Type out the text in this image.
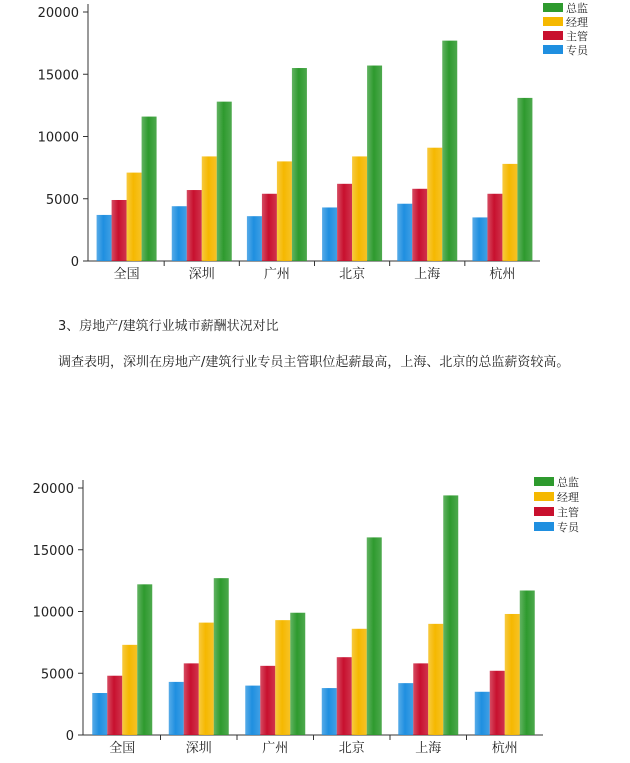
0
5000
10000
15000
20000
全国	深圳	广州	北京	上海	杭州
总监
经理
主管
专员

3、房地产/建筑行业城市薪酬状况对比

调查表明，深圳在房地产/建筑行业专员主管职位起薪最高，上海、北京的总监薪资较高。

0
5000
10000
15000
20000
全国	深圳	广州	北京	上海	杭州
总监
经理
主管
专员
